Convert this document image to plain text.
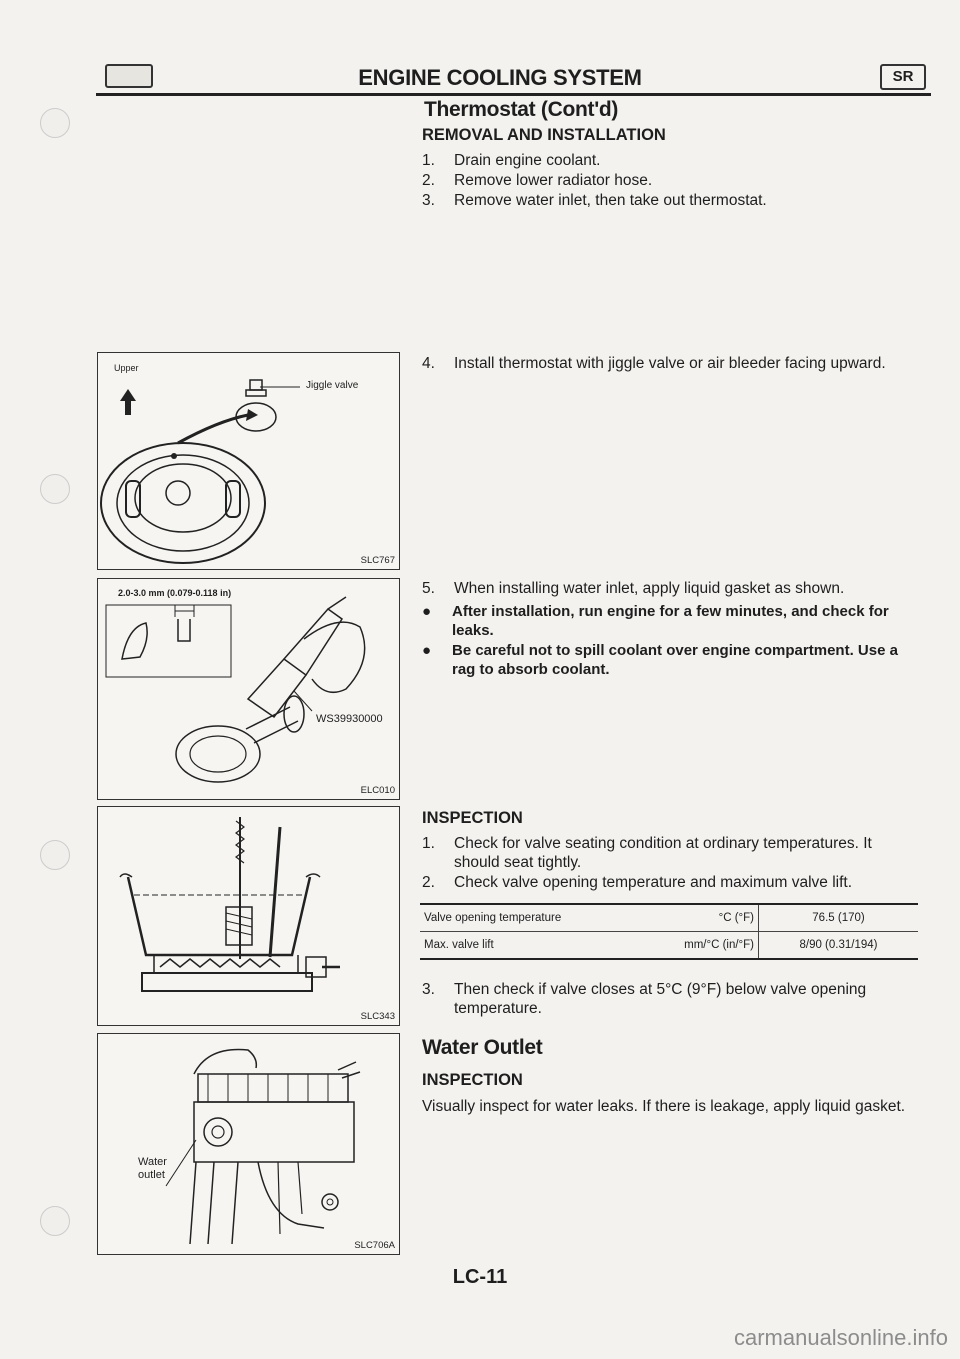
ENGINE COOLING SYSTEM	SR
Thermostat (Cont'd)
REMOVAL AND INSTALLATION
1. Drain engine coolant.
2. Remove lower radiator hose.
3. Remove water inlet, then take out thermostat.
Upper
Jiggle valve
SLC767
4. Install thermostat with jiggle valve or air bleeder facing upward.
2.0-3.0 mm (0.079-0.118 in)
WS39930000
ELC010
5. When installing water inlet, apply liquid gasket as shown.
● After installation, run engine for a few minutes, and check for leaks.
● Be careful not to spill coolant over engine compartment. Use a rag to absorb coolant.
SLC343
INSPECTION
1. Check for valve seating condition at ordinary temperatures. It should seat tightly.
2. Check valve opening temperature and maximum valve lift.
Valve opening temperature	°C (°F)	76.5 (170)
Max. valve lift	mm/°C (in/°F)	8/90 (0.31/194)
3. Then check if valve closes at 5°C (9°F) below valve opening temperature.
Water
outlet
SLC706A
Water Outlet
INSPECTION
Visually inspect for water leaks. If there is leakage, apply liquid gasket.
LC-11
carmanualsonline.info
